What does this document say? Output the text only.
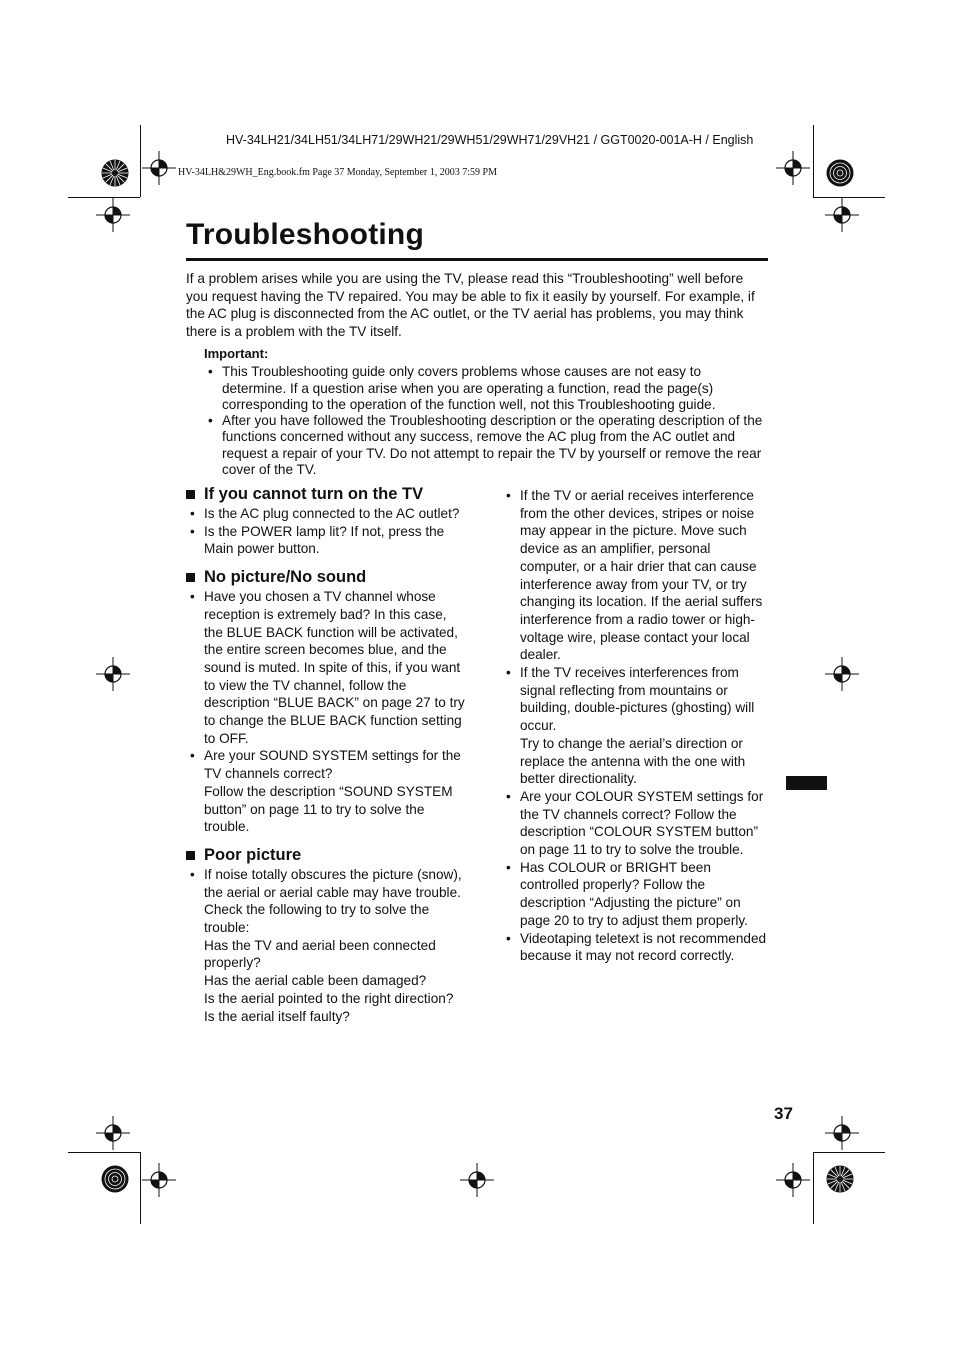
HV-34LH21/34LH51/34LH71/29WH21/29WH51/29WH71/29VH21 / GGT0020-001A-H / English
HV-34LH&29WH_Eng.book.fm Page 37 Monday, September 1, 2003 7:59 PM
Troubleshooting

If a problem arises while you are using the TV, please read this “Troubleshooting” well before you request having the TV repaired. You may be able to fix it easily by yourself. For example, if the AC plug is disconnected from the AC outlet, or the TV aerial has problems, you may think there is a problem with the TV itself.

Important:
• This Troubleshooting guide only covers problems whose causes are not easy to determine. If a question arise when you are operating a function, read the page(s) corresponding to the operation of the function well, not this Troubleshooting guide.
• After you have followed the Troubleshooting description or the operating description of the functions concerned without any success, remove the AC plug from the AC outlet and request a repair of your TV. Do not attempt to repair the TV by yourself or remove the rear cover of the TV.
If you cannot turn on the TV
• Is the AC plug connected to the AC outlet?
• Is the POWER lamp lit? If not, press the Main power button.
No picture/No sound
• Have you chosen a TV channel whose reception is extremely bad? In this case, the BLUE BACK function will be activated, the entire screen becomes blue, and the sound is muted. In spite of this, if you want to view the TV channel, follow the description “BLUE BACK” on page 27 to try to change the BLUE BACK function setting to OFF.
• Are your SOUND SYSTEM settings for the TV channels correct?
Follow the description “SOUND SYSTEM button” on page 11 to try to solve the trouble.
Poor picture
• If noise totally obscures the picture (snow), the aerial or aerial cable may have trouble. Check the following to try to solve the trouble:
Has the TV and aerial been connected properly?
Has the aerial cable been damaged?
Is the aerial pointed to the right direction?
Is the aerial itself faulty?
• If the TV or aerial receives interference from the other devices, stripes or noise may appear in the picture. Move such device as an amplifier, personal computer, or a hair drier that can cause interference away from your TV, or try changing its location. If the aerial suffers interference from a radio tower or high-voltage wire, please contact your local dealer.
• If the TV receives interferences from signal reflecting from mountains or building, double-pictures (ghosting) will occur.
Try to change the aerial’s direction or replace the antenna with the one with better directionality.
• Are your COLOUR SYSTEM settings for the TV channels correct? Follow the description “COLOUR SYSTEM button” on page 11 to try to solve the trouble.
• Has COLOUR or BRIGHT been controlled properly? Follow the description “Adjusting the picture” on page 20 to try to adjust them properly.
• Videotaping teletext is not recommended because it may not record correctly.
37
